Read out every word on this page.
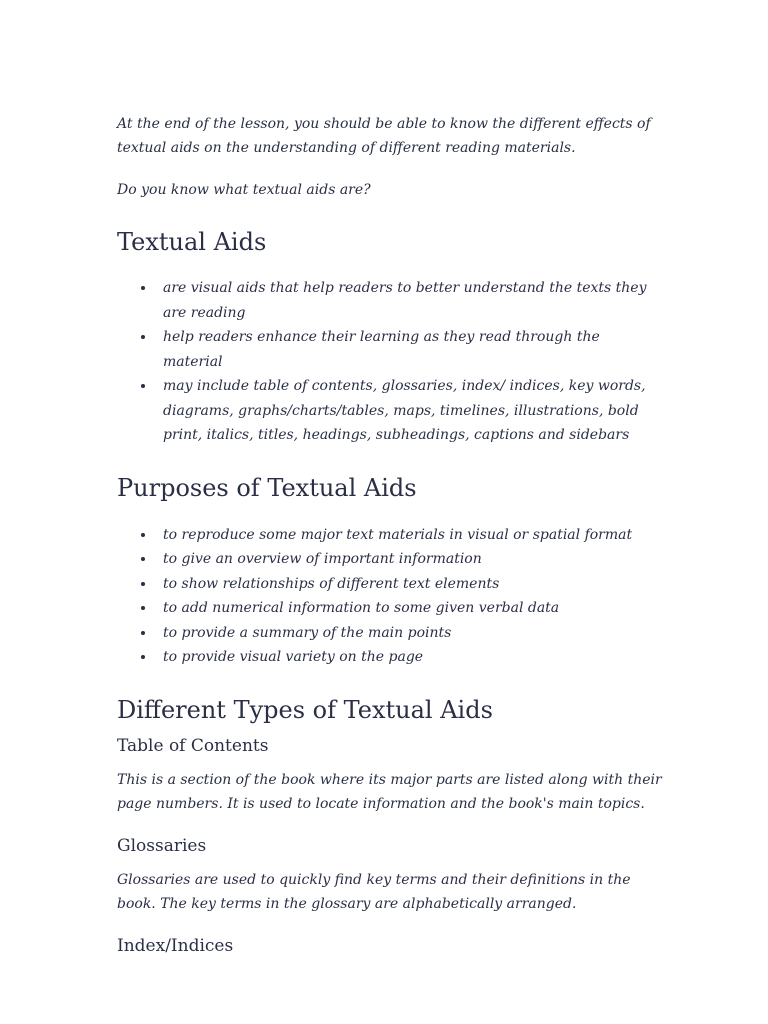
At the end of the lesson, you should be able to know the different effects of textual aids on the understanding of different reading materials.

Do you know what textual aids are?

Textual Aids
are visual aids that help readers to better understand the texts they are reading
help readers enhance their learning as they read through the material
may include table of contents, glossaries, index/ indices, key words, diagrams, graphs/charts/tables, maps, timelines, illustrations, bold print, italics, titles, headings, subheadings, captions and sidebars
Purposes of Textual Aids
to reproduce some major text materials in visual or spatial format
to give an overview of important information
to show relationships of different text elements
to add numerical information to some given verbal data
to provide a summary of the main points
to provide visual variety on the page
Different Types of Textual Aids
Table of Contents

This is a section of the book where its major parts are listed along with their page numbers. It is used to locate information and the book's main topics.

Glossaries

Glossaries are used to quickly find key terms and their definitions in the book. The key terms in the glossary are alphabetically arranged.

Index/Indices
